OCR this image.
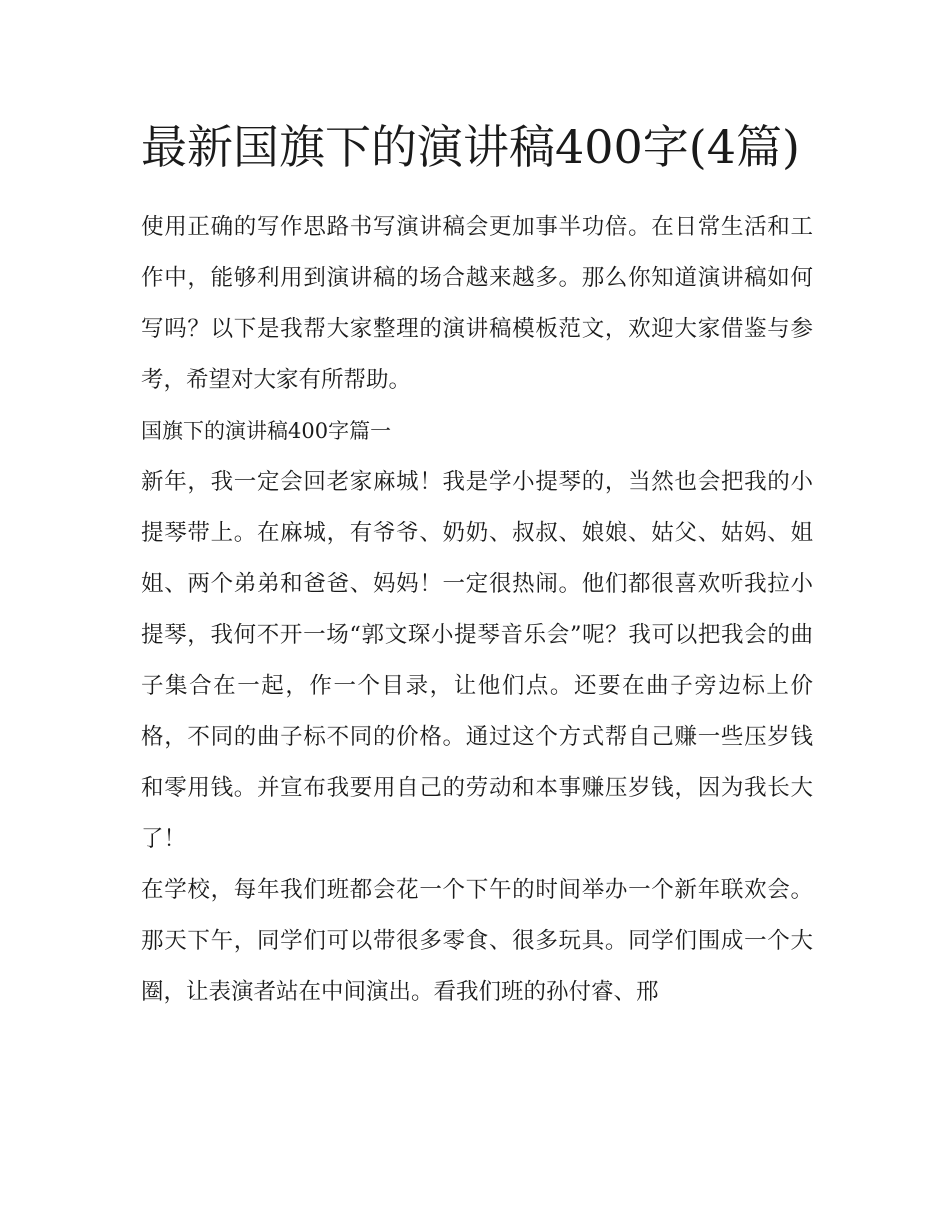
最新国旗下的演讲稿400字(4篇)

使用正确的写作思路书写演讲稿会更加事半功倍。在日常生活和工作中，能够利用到演讲稿的场合越来越多。那么你知道演讲稿如何写吗？以下是我帮大家整理的演讲稿模板范文，欢迎大家借鉴与参考，希望对大家有所帮助。

国旗下的演讲稿400字篇一

新年，我一定会回老家麻城！我是学小提琴的，当然也会把我的小提琴带上。在麻城，有爷爷、奶奶、叔叔、娘娘、姑父、姑妈、姐姐、两个弟弟和爸爸、妈妈！一定很热闹。他们都很喜欢听我拉小提琴，我何不开一场“郭文琛小提琴音乐会”呢？我可以把我会的曲子集合在一起，作一个目录，让他们点。还要在曲子旁边标上价格，不同的曲子标不同的价格。通过这个方式帮自己赚一些压岁钱和零用钱。并宣布我要用自己的劳动和本事赚压岁钱，因为我长大了！

在学校，每年我们班都会花一个下午的时间举办一个新年联欢会。那天下午，同学们可以带很多零食、很多玩具。同学们围成一个大圈，让表演者站在中间演出。看我们班的孙付睿、邢
